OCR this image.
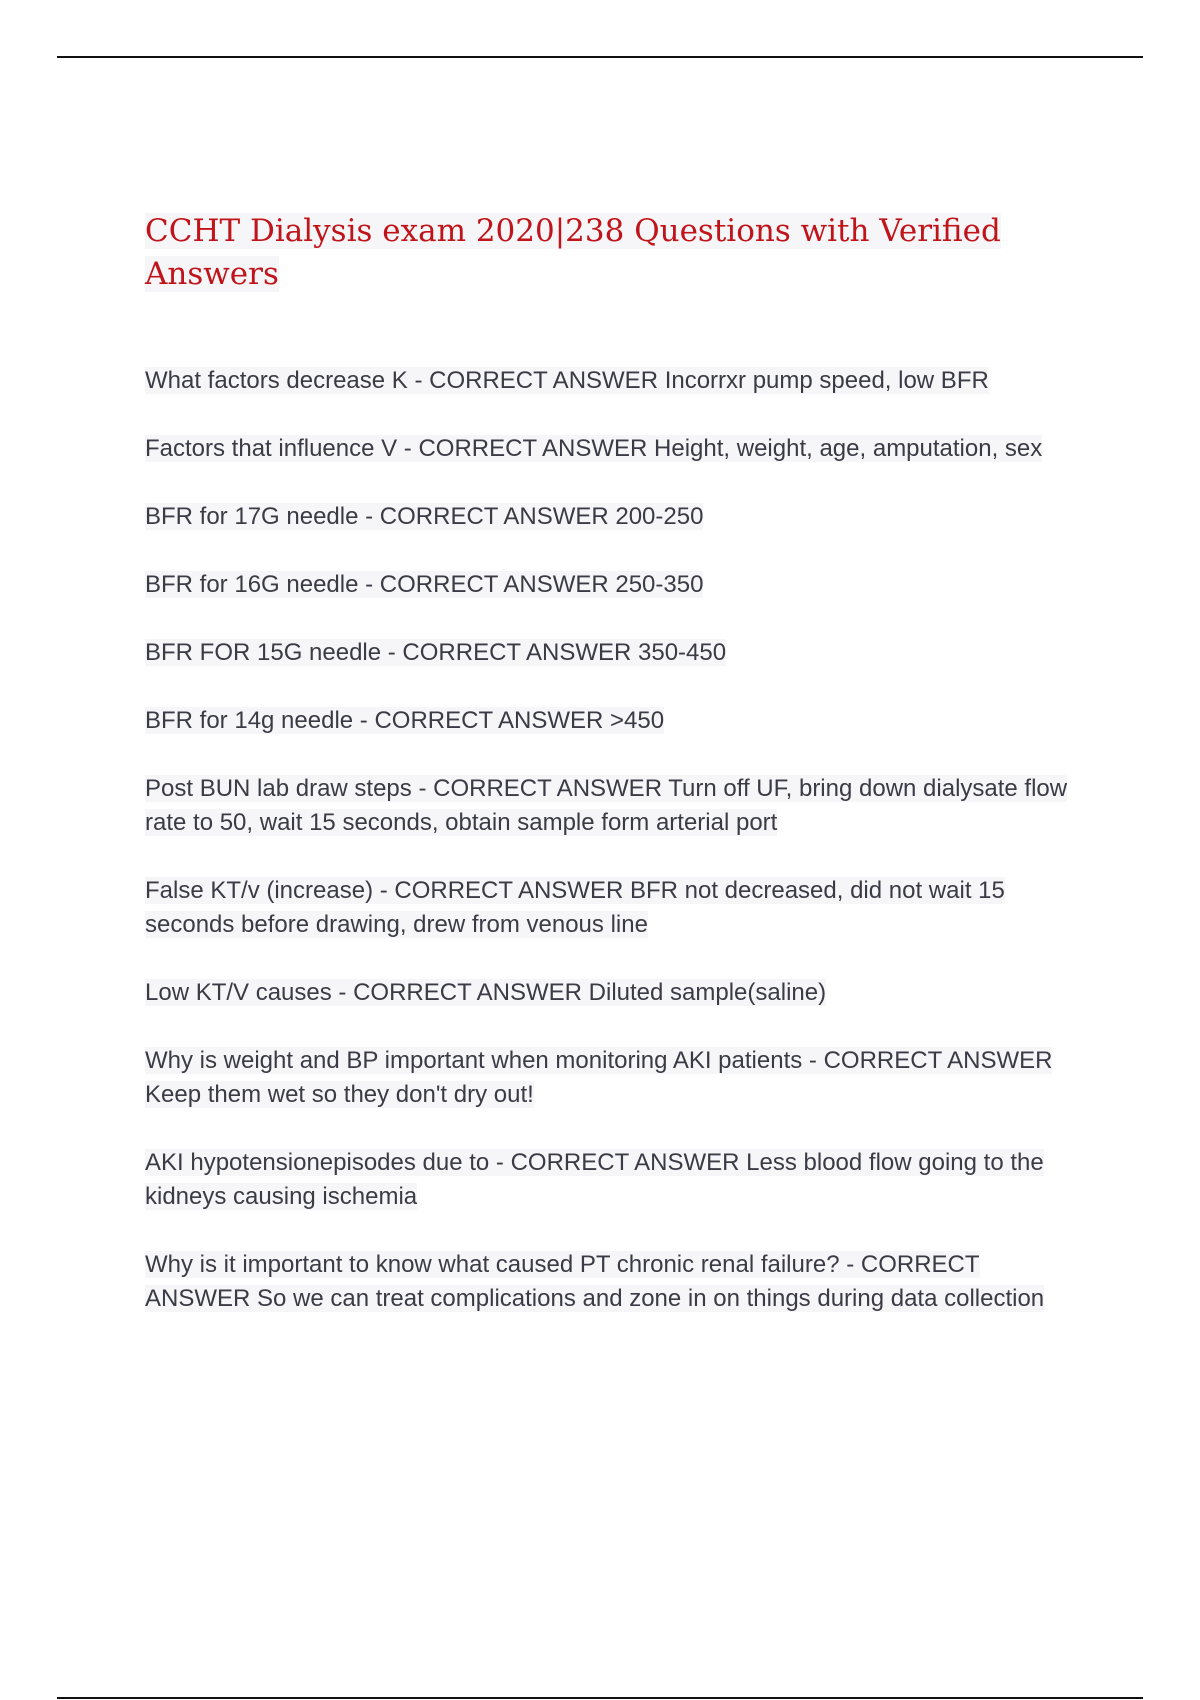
CCHT Dialysis exam 2020|238 Questions with Verified Answers
What factors decrease K - CORRECT ANSWER Incorrxr pump speed, low BFR
Factors that influence V - CORRECT ANSWER Height, weight, age, amputation, sex
BFR for 17G needle - CORRECT ANSWER 200-250
BFR for 16G needle - CORRECT ANSWER 250-350
BFR FOR 15G needle - CORRECT ANSWER 350-450
BFR for 14g needle - CORRECT ANSWER >450
Post BUN lab draw steps - CORRECT ANSWER Turn off UF, bring down dialysate flow rate to 50, wait 15 seconds, obtain sample form arterial port
False KT/v (increase) - CORRECT ANSWER BFR not decreased, did not wait 15 seconds before drawing, drew from venous line
Low KT/V causes - CORRECT ANSWER Diluted sample(saline)
Why is weight and BP important when monitoring AKI patients - CORRECT ANSWER Keep them wet so they don't dry out!
AKI hypotensionepisodes due to - CORRECT ANSWER Less blood flow going to the kidneys causing ischemia
Why is it important to know what caused PT chronic renal failure? - CORRECT ANSWER So we can treat complications and zone in on things during data collection
